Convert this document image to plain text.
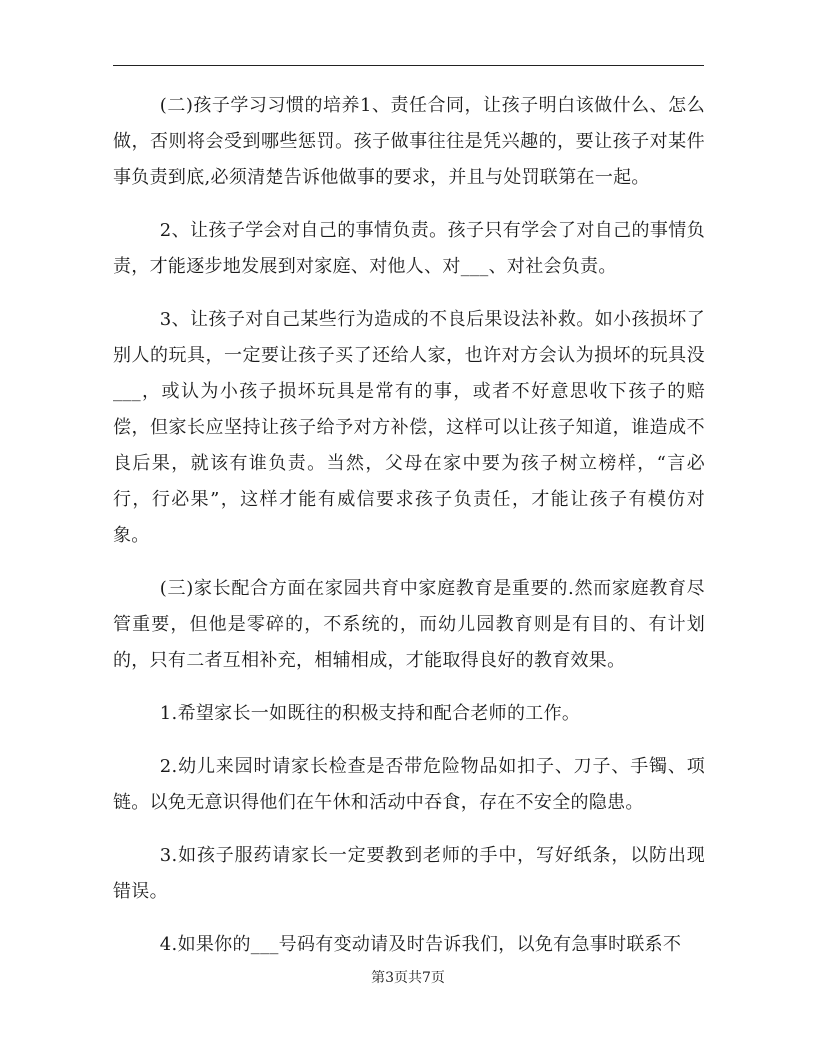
(二)孩子学习习惯的培养1、责任合同，让孩子明白该做什么、怎么做，否则将会受到哪些惩罚。孩子做事往往是凭兴趣的，要让孩子对某件事负责到底,必须清楚告诉他做事的要求，并且与处罚联第在一起。

2、让孩子学会对自己的事情负责。孩子只有学会了对自己的事情负责，才能逐步地发展到对家庭、对他人、对___、对社会负责。

3、让孩子对自己某些行为造成的不良后果设法补救。如小孩损坏了别人的玩具，一定要让孩子买了还给人家，也许对方会认为损坏的玩具没___，或认为小孩子损坏玩具是常有的事，或者不好意思收下孩子的赔偿，但家长应坚持让孩子给予对方补偿，这样可以让孩子知道，谁造成不良后果，就该有谁负责。当然，父母在家中要为孩子树立榜样，“言必行，行必果”，这样才能有威信要求孩子负责任，才能让孩子有模仿对象。

(三)家长配合方面在家园共育中家庭教育是重要的.然而家庭教育尽管重要，但他是零碎的，不系统的，而幼儿园教育则是有目的、有计划的，只有二者互相补充，相辅相成，才能取得良好的教育效果。

1.希望家长一如既往的积极支持和配合老师的工作。

2.幼儿来园时请家长检查是否带危险物品如扣子、刀子、手镯、项链。以免无意识得他们在午休和活动中吞食，存在不安全的隐患。

3.如孩子服药请家长一定要教到老师的手中，写好纸条，以防出现错误。

4.如果你的___号码有变动请及时告诉我们，以免有急事时联系不

第3页共7页
